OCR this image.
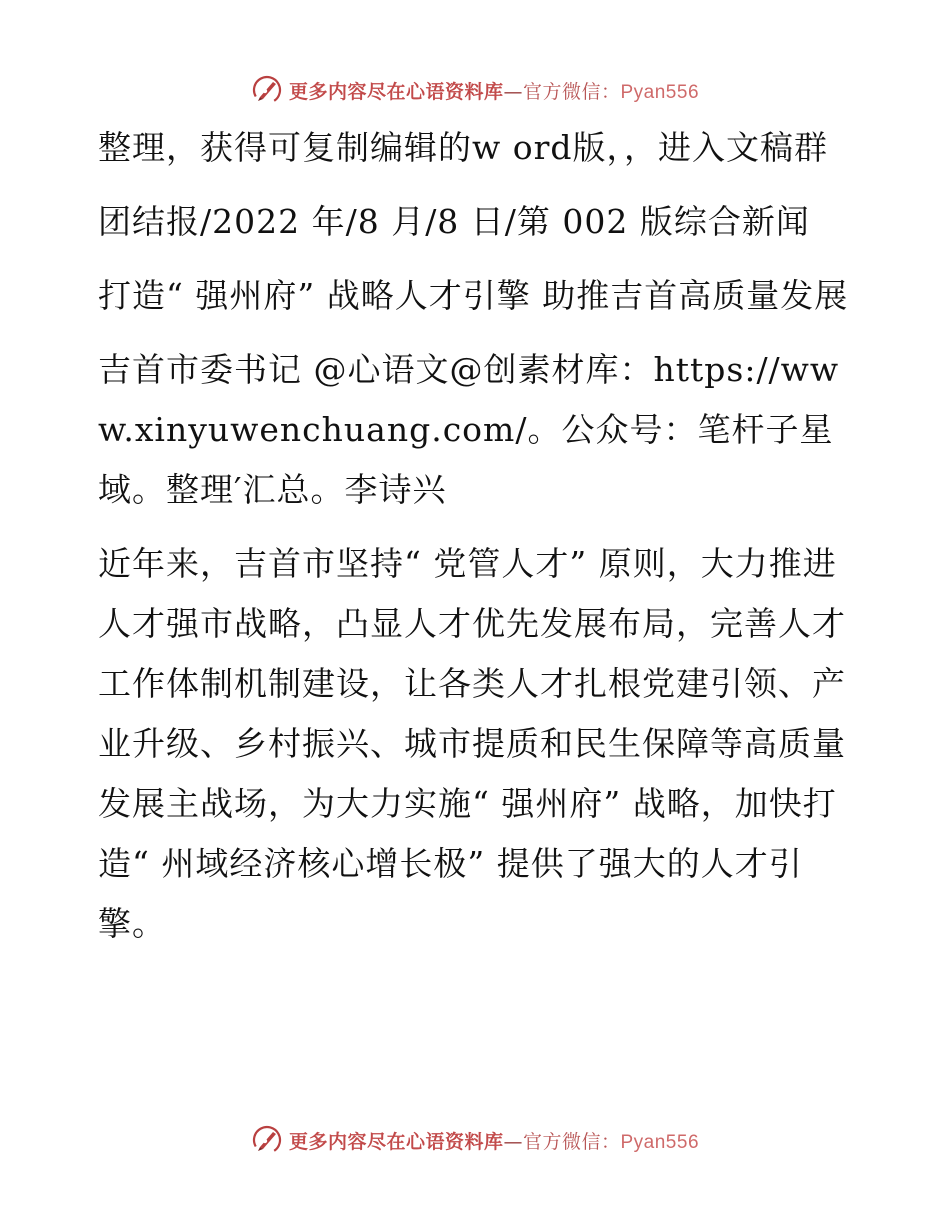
更多内容尽在心语资料库—官方微信：Pyan556

整理，获得可复制编辑的w ord版，，进入文稿群

团结报/2022 年/8 月/8 日/第 002 版综合新闻

打造“ 强州府” 战略人才引擎 助推吉首高质量发展

吉首市委书记 @心语文@创素材库：https://www.xinyuwenchuang.com/。公众号：笔杆子星域。整理′汇总。李诗兴

近年来，吉首市坚持“ 党管人才” 原则，大力推进人才强市战略，凸显人才优先发展布局，完善人才工作体制机制建设，让各类人才扎根党建引领、产业升级、乡村振兴、城市提质和民生保障等高质量发展主战场，为大力实施“ 强州府” 战略，加快打造“ 州域经济核心增长极” 提供了强大的人才引擎。

更多内容尽在心语资料库—官方微信：Pyan556
